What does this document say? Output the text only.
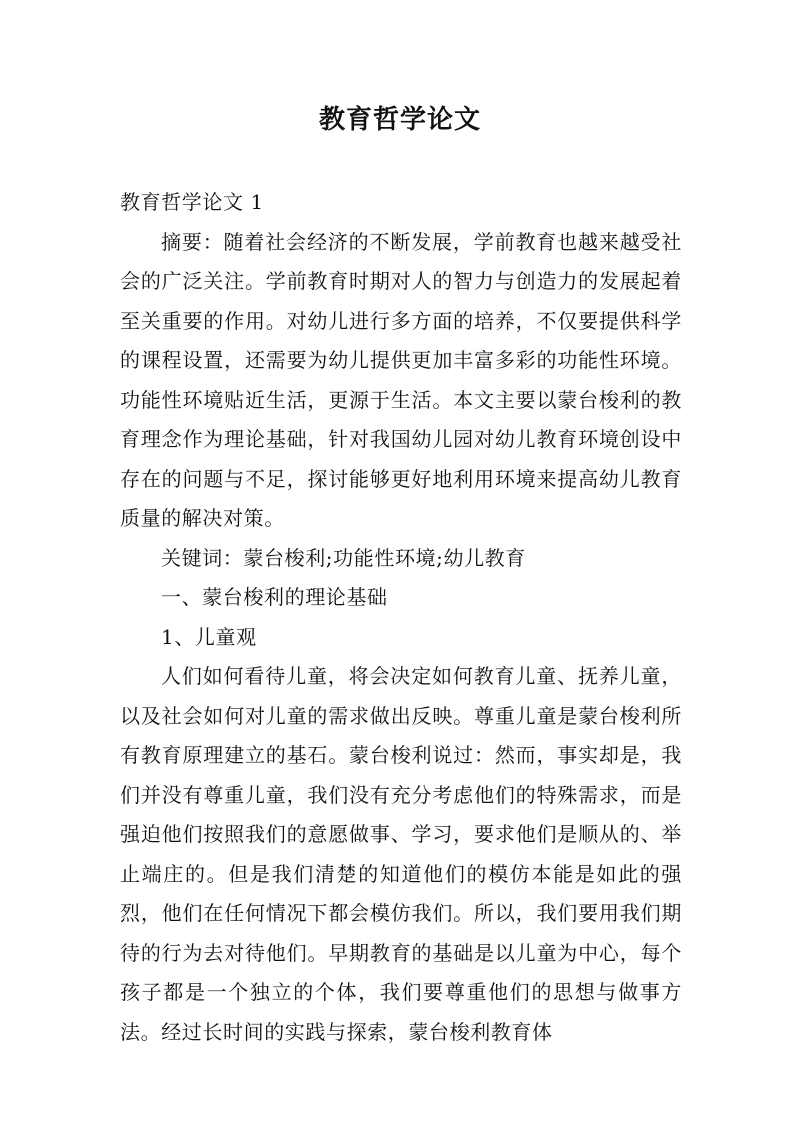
教育哲学论文

教育哲学论文 1

摘要：随着社会经济的不断发展，学前教育也越来越受社会的广泛关注。学前教育时期对人的智力与创造力的发展起着至关重要的作用。对幼儿进行多方面的培养，不仅要提供科学的课程设置，还需要为幼儿提供更加丰富多彩的功能性环境。功能性环境贴近生活，更源于生活。本文主要以蒙台梭利的教育理念作为理论基础，针对我国幼儿园对幼儿教育环境创设中存在的问题与不足，探讨能够更好地利用环境来提高幼儿教育质量的解决对策。

关键词：蒙台梭利;功能性环境;幼儿教育

一、蒙台梭利的理论基础

1、儿童观

人们如何看待儿童，将会决定如何教育儿童、抚养儿童，以及社会如何对儿童的需求做出反映。尊重儿童是蒙台梭利所有教育原理建立的基石。蒙台梭利说过：然而，事实却是，我们并没有尊重儿童，我们没有充分考虑他们的特殊需求，而是强迫他们按照我们的意愿做事、学习，要求他们是顺从的、举止端庄的。但是我们清楚的知道他们的模仿本能是如此的强烈，他们在任何情况下都会模仿我们。所以，我们要用我们期待的行为去对待他们。早期教育的基础是以儿童为中心，每个孩子都是一个独立的个体，我们要尊重他们的思想与做事方法。经过长时间的实践与探索，蒙台梭利教育体
